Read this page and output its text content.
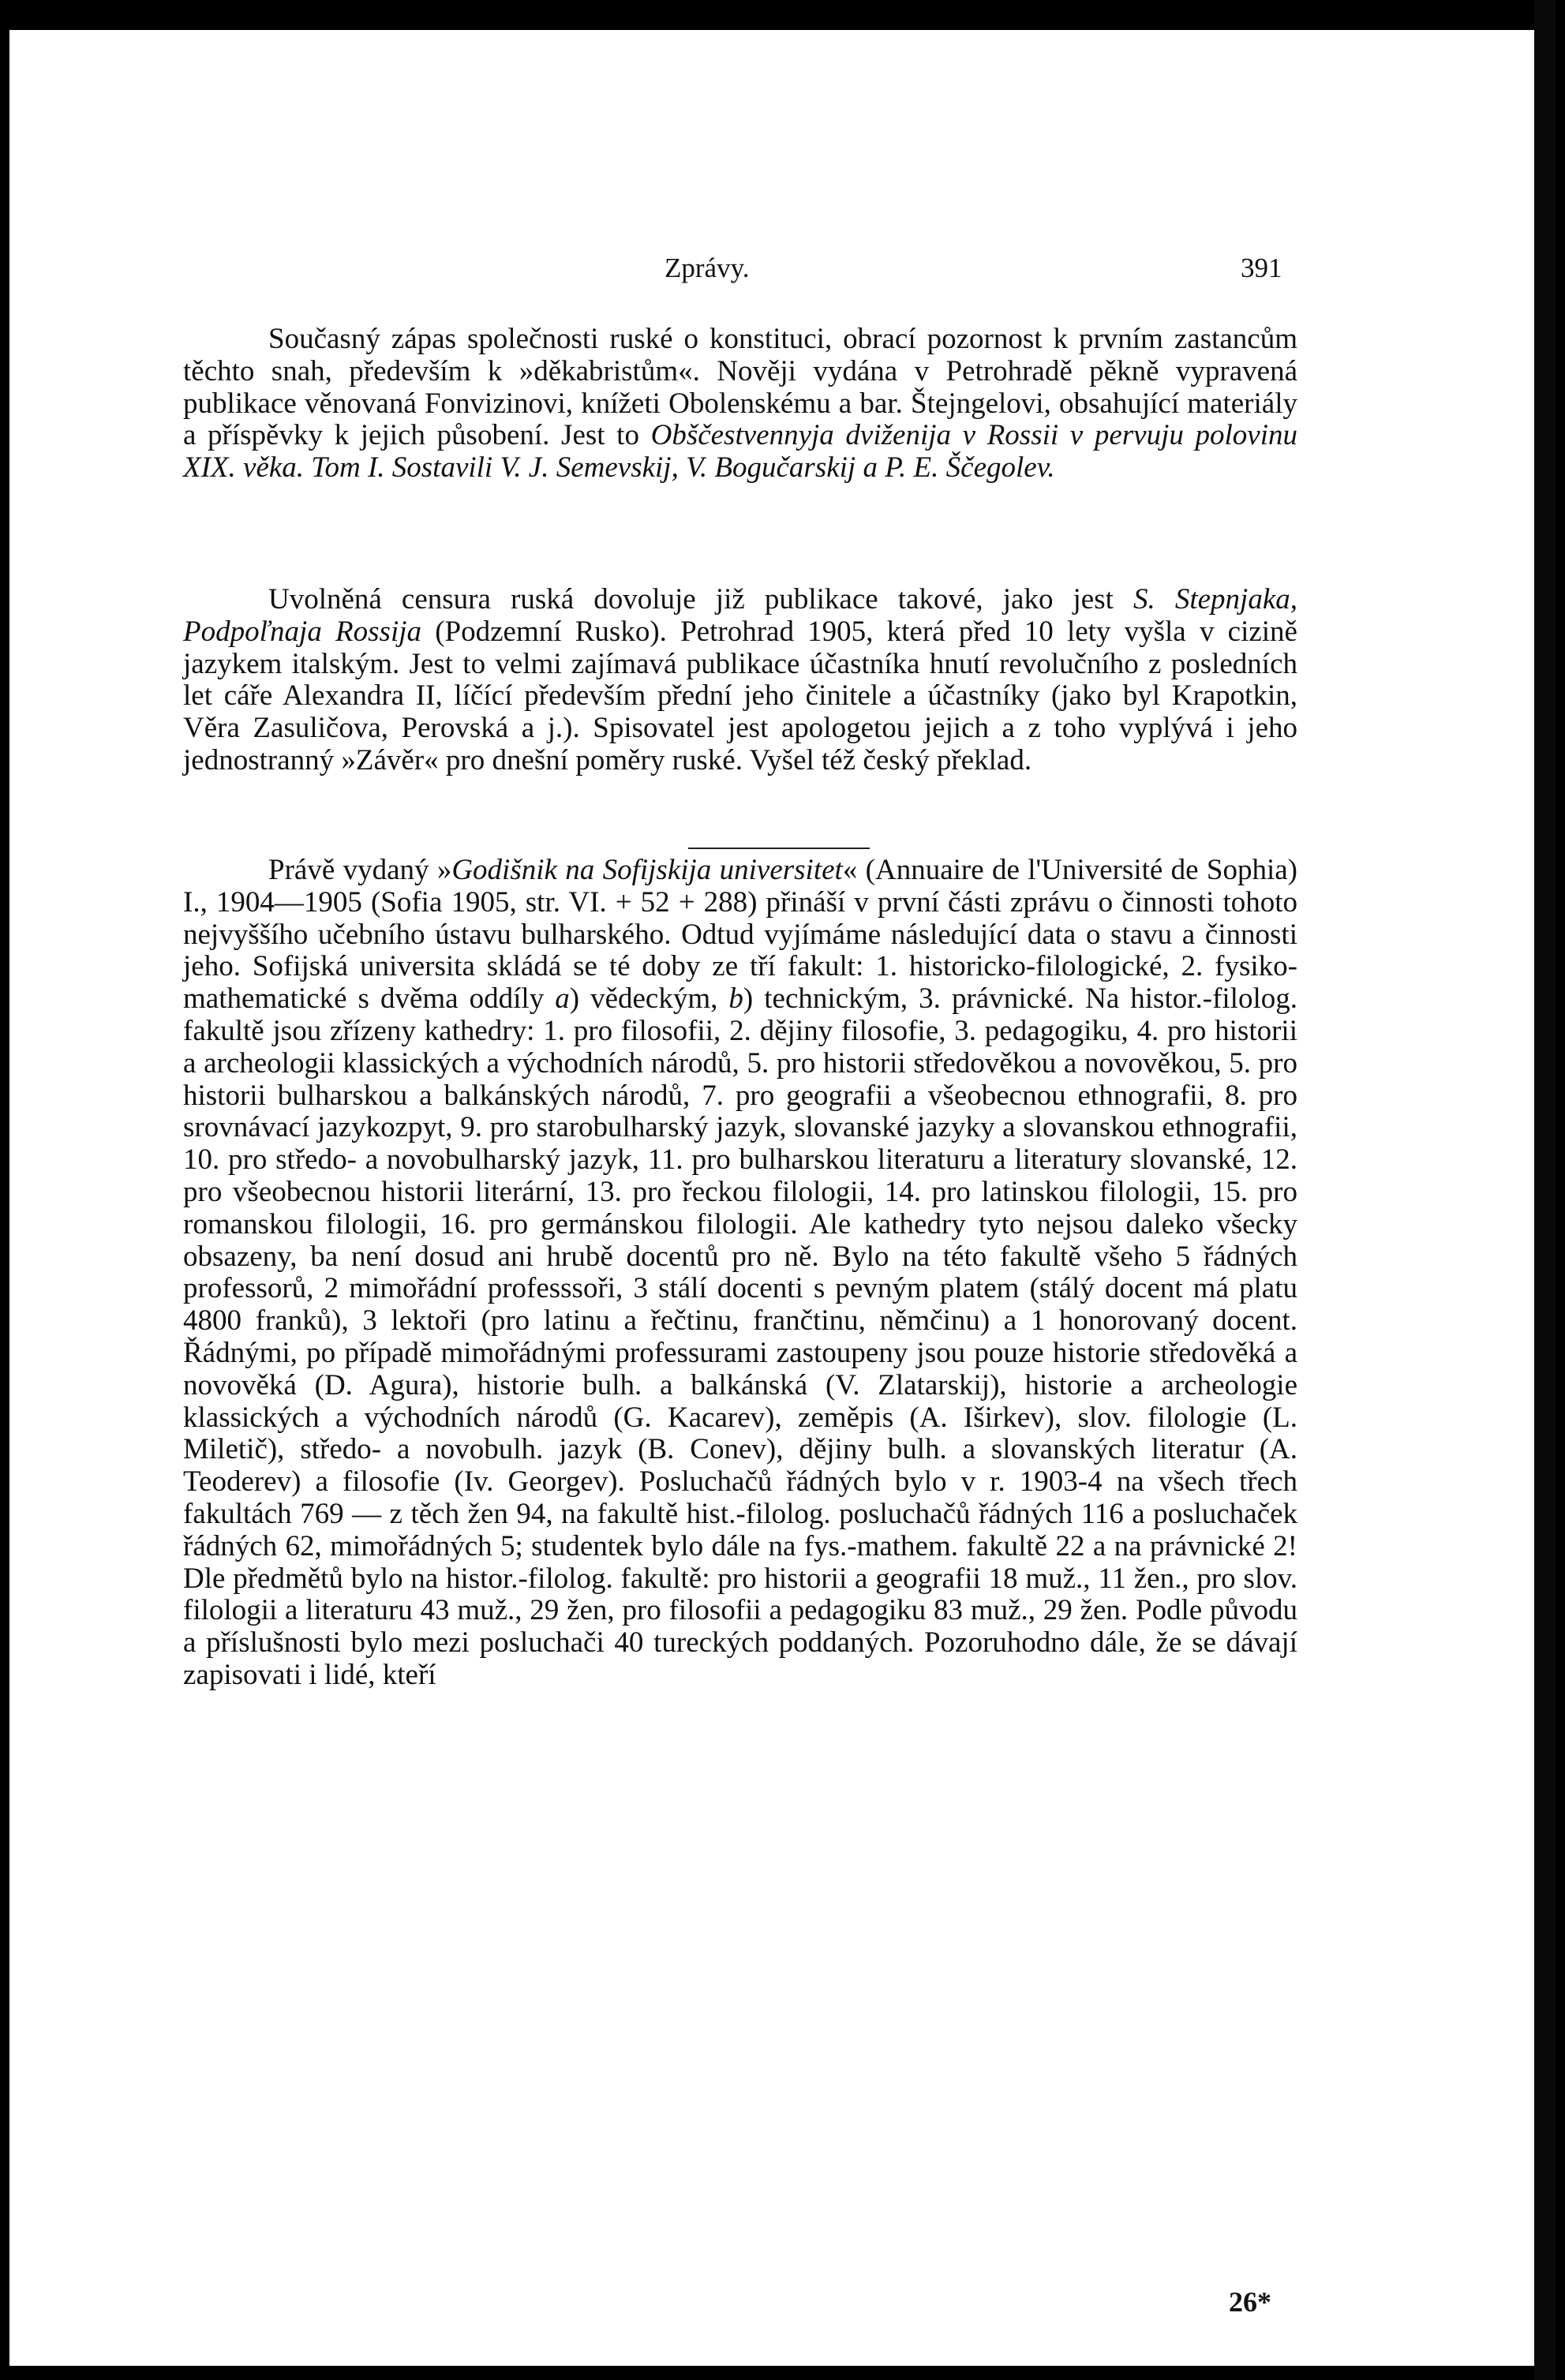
Zprávy.	391

Současný zápas společnosti ruské o konstituci, obrací pozornost k prvním zastancům těchto snah, především k »děkabristům«. Nověji vydána v Petrohradě pěkně vypravená publikace věnovaná Fonvizinovi, knížeti Obolenskému a bar. Štejngelovi, obsahující materiály a příspěvky k jejich působení. Jest to Obščestvennyja dviženija v Rossii v pervuju polovinu XIX. věka. Tom I. Sostavili V. J. Semevskij, V. Bogučarskij a P. E. Ščegolev.

Uvolněná censura ruská dovoluje již publikace takové, jako jest S. Stepnjaka, Podpoľnaja Rossija (Podzemní Rusko). Petrohrad 1905, která před 10 lety vyšla v cizině jazykem italským. Jest to velmi zajímavá publikace účastníka hnutí revolučního z posledních let cáře Alexandra II, líčící především přední jeho činitele a účastníky (jako byl Krapotkin, Věra Zasuličova, Perovská a j.). Spisovatel jest apologetou jejich a z toho vyplývá i jeho jednostranný »Závěr« pro dnešní poměry ruské. Vyšel též český překlad.

Právě vydaný »Godišnik na Sofijskija universitet« (Annuaire de l'Université de Sophia) I., 1904—1905 (Sofia 1905, str. VI. + 52 + 288) přináší v první části zprávu o činnosti tohoto nejvyššího učebního ústavu bulharského. Odtud vyjímáme následující data o stavu a činnosti jeho. Sofijská universita skládá se té doby ze tří fakult: 1. historicko-filologické, 2. fysiko-mathematické s dvěma oddíly a) vědeckým, b) technickým, 3. právnické. Na histor.-filolog. fakultě jsou zřízeny kathedry: 1. pro filosofii, 2. dějiny filosofie, 3. pedagogiku, 4. pro historii a archeologii klassických a východních národů, 5. pro historii středověkou a novověkou, 5. pro historii bulharskou a balkánských národů, 7. pro geografii a všeobecnou ethnografii, 8. pro srovnávací jazykozpyt, 9. pro starobulharský jazyk, slovanské jazyky a slovanskou ethnografii, 10. pro středo- a novobulharský jazyk, 11. pro bulharskou literaturu a literatury slovanské, 12. pro všeobecnou historii literární, 13. pro řeckou filologii, 14. pro latinskou filologii, 15. pro romanskou filologii, 16. pro germánskou filologii. Ale kathedry tyto nejsou daleko všecky obsazeny, ba není dosud ani hrubě docentů pro ně. Bylo na této fakultě všeho 5 řádných professorů, 2 mimořádní professsoři, 3 stálí docenti s pevným platem (stálý docent má platu 4800 franků), 3 lektoři (pro latinu a řečtinu, frančtinu, němčinu) a 1 honorovaný docent. Řádnými, po případě mimořádnými professurami zastoupeny jsou pouze historie středověká a novověká (D. Agura), historie bulh. a balkánská (V. Zlatarskij), historie a archeologie klassických a východních národů (G. Kacarev), zeměpis (A. Iširkev), slov. filologie (L. Miletič), středo- a novobulh. jazyk (B. Conev), dějiny bulh. a slovanských literatur (A. Teoderev) a filosofie (Iv. Georgev). Posluchačů řádných bylo v r. 1903-4 na všech třech fakultách 769 — z těch žen 94, na fakultě hist.-filolog. posluchačů řádných 116 a posluchaček řádných 62, mimořádných 5; studentek bylo dále na fys.-mathem. fakultě 22 a na právnické 2! Dle předmětů bylo na histor.-filolog. fakultě: pro historii a geografii 18 muž., 11 žen., pro slov. filologii a literaturu 43 muž., 29 žen, pro filosofii a pedagogiku 83 muž., 29 žen. Podle původu a příslušnosti bylo mezi posluchači 40 tureckých poddaných. Pozoruhodno dále, že se dávají zapisovati i lidé, kteří

26*
